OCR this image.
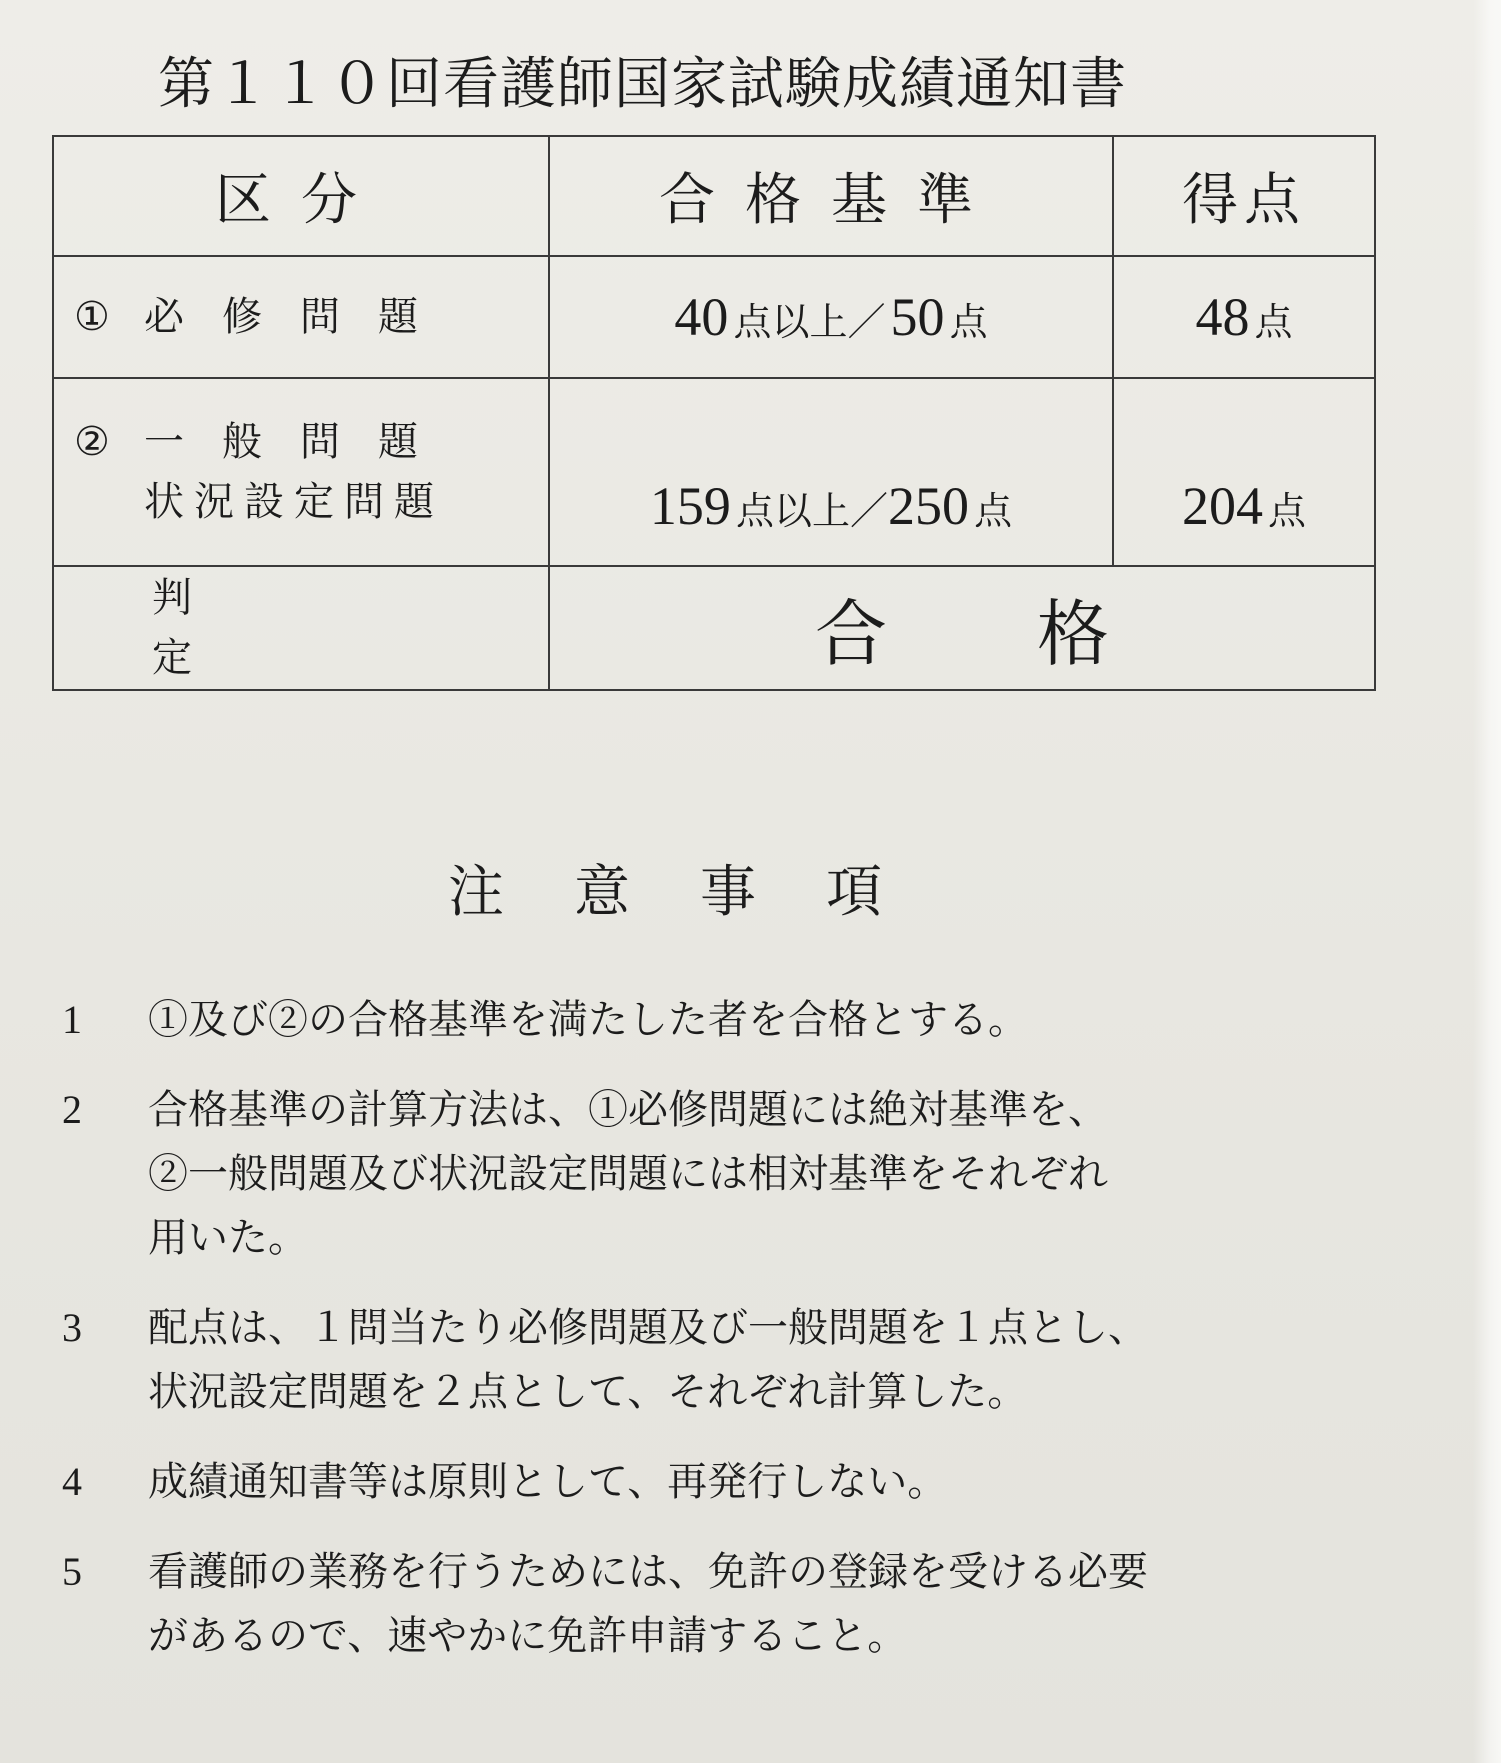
第１１０回看護師国家試験成績通知書
区分	合格基準	得点
① 必修問題	40 点以上／ 50 点	48 点
② 一般問題
状況設定問題	159 点以上／250 点	204 点
判定	合格	
注意事項
1	①及び②の合格基準を満たした者を合格とする。
2	合格基準の計算方法は、①必修問題には絶対基準を、
②一般問題及び状況設定問題には相対基準をそれぞれ
用いた。
3	配点は、１問当たり必修問題及び一般問題を１点とし、
状況設定問題を２点として、それぞれ計算した。
4	成績通知書等は原則として、再発行しない。
5	看護師の業務を行うためには、免許の登録を受ける必要
があるので、速やかに免許申請すること。
